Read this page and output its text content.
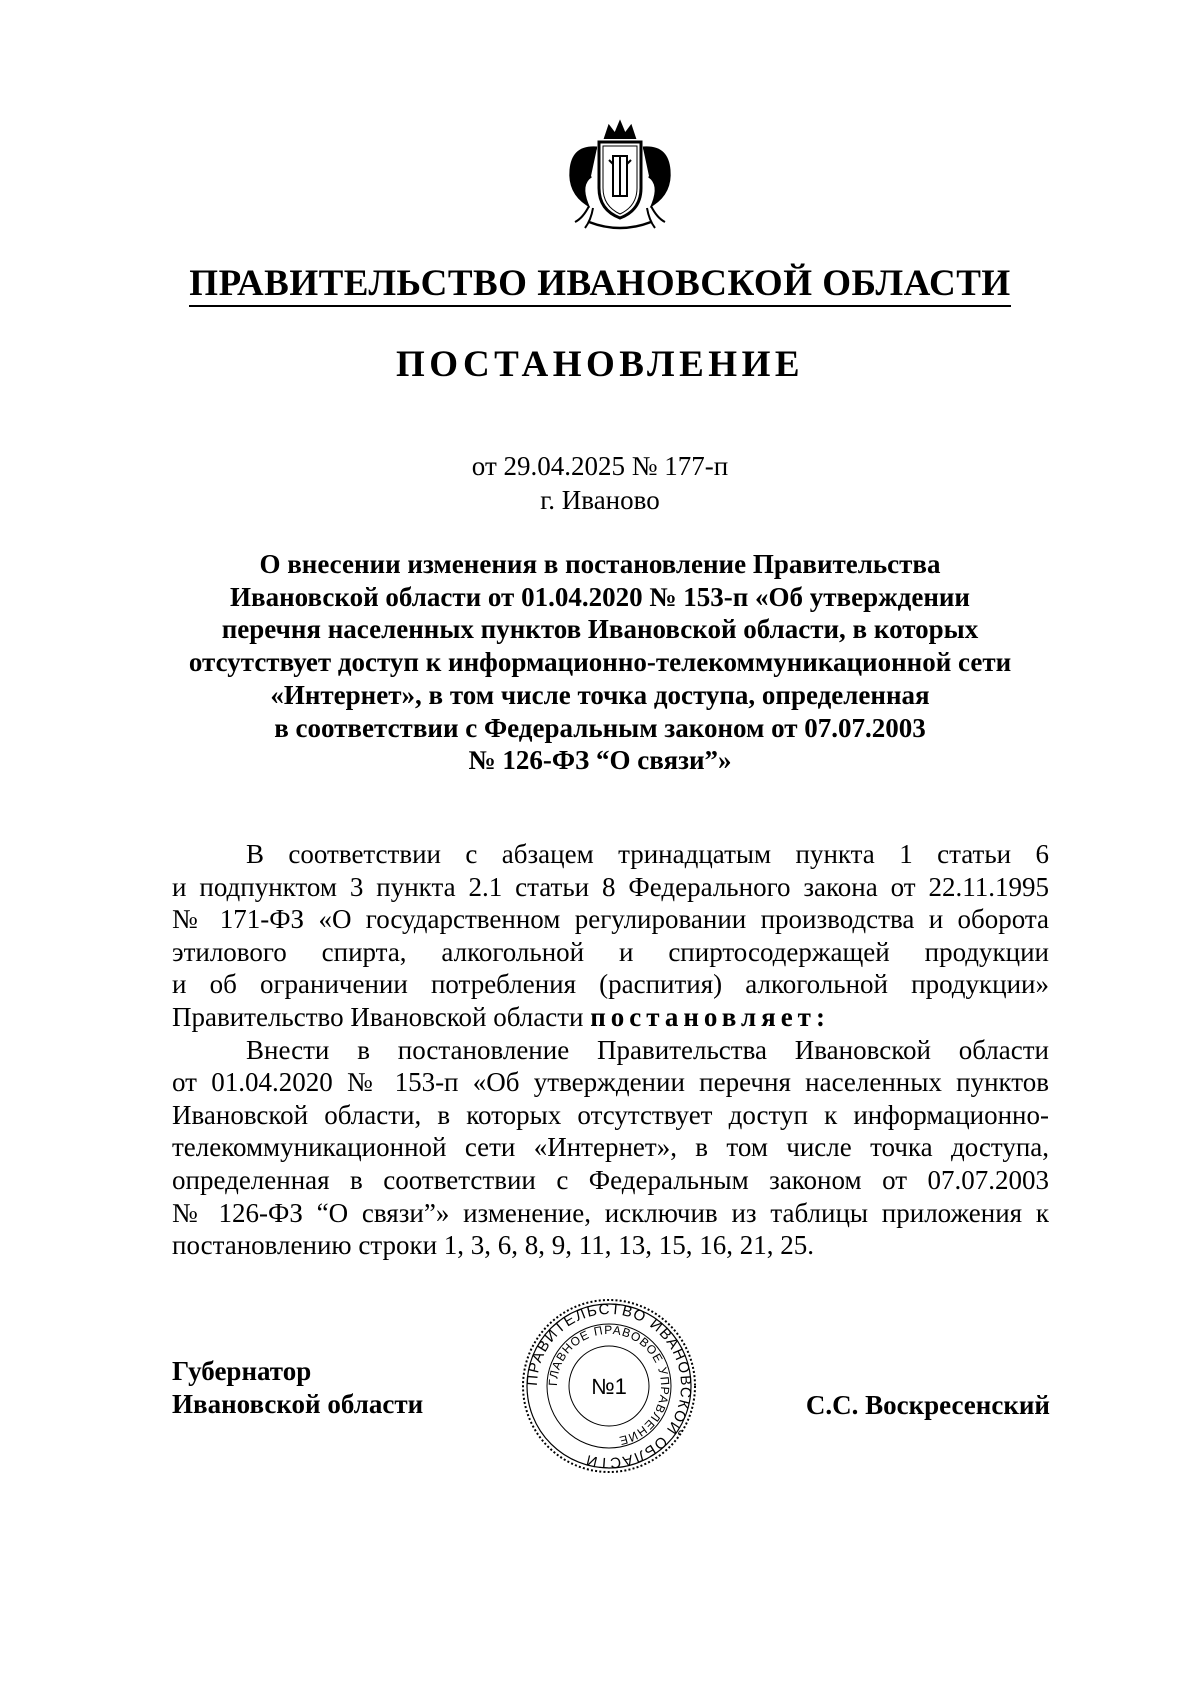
ПРАВИТЕЛЬСТВО ИВАНОВСКОЙ ОБЛАСТИ
ПОСТАНОВЛЕНИЕ
от 29.04.2025 № 177-п
г. Иваново
О внесении изменения в постановление Правительства
Ивановской области от 01.04.2020 № 153-п «Об утверждении
перечня населенных пунктов Ивановской области, в которых
отсутствует доступ к информационно-телекоммуникационной сети
«Интернет», в том числе точка доступа, определенная
в соответствии с Федеральным законом от 07.07.2003
№ 126-ФЗ “О связи”»
В соответствии с абзацем тринадцатым пункта 1 статьи 6
и подпунктом 3 пункта 2.1 статьи 8 Федерального закона от 22.11.1995
№ 171-ФЗ «О государственном регулировании производства и оборота
этилового спирта, алкогольной и спиртосодержащей продукции
и об ограничении потребления (распития) алкогольной продукции»
Правительство Ивановской области постановляет:
Внести в постановление Правительства Ивановской области
от 01.04.2020 № 153-п «Об утверждении перечня населенных пунктов
Ивановской области, в которых отсутствует доступ к информационно-
телекоммуникационной сети «Интернет», в том числе точка доступа,
определенная в соответствии с Федеральным законом от 07.07.2003
№ 126-ФЗ “О связи”» изменение, исключив из таблицы приложения к
постановлению строки 1, 3, 6, 8, 9, 11, 13, 15, 16, 21, 25.
Губернатор
Ивановской области
ПРАВИТЕЛЬСТВО ИВАНОВСКОЙ ОБЛАСТИ
ГЛАВНОЕ ПРАВОВОЕ УПРАВЛЕНИЕ
№1
С.С. Воскресенский
